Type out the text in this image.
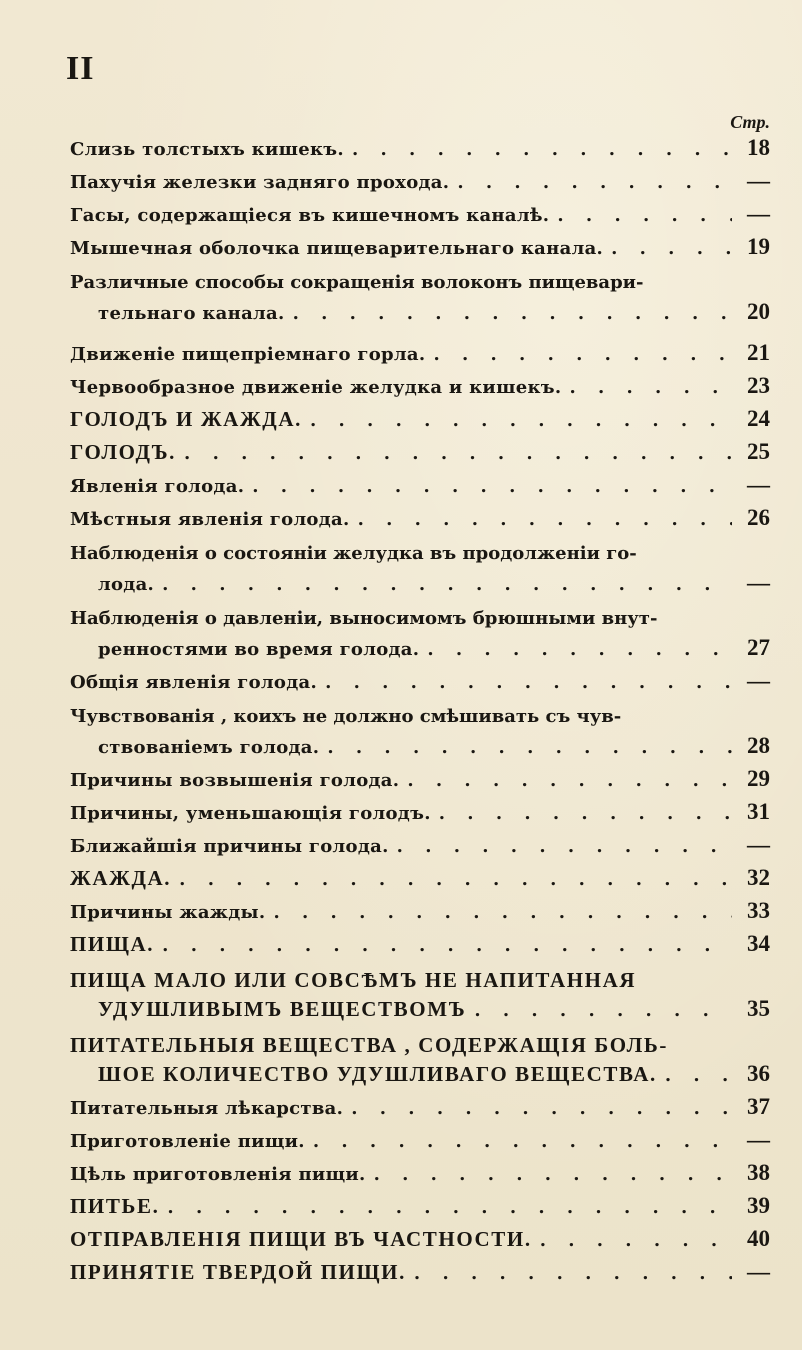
II
Стр.
Слизь толстыхъ кишекъ. . . .	18
Пахучія железки задняго прохода. . . .	—
Гасы, содержащіеся въ кишечномъ каналѣ. . . .	—
Мышечная оболочка пищеварительнаго канала. . . .	19
Различные способы сокращенія волоконъ пищевари-
тельнаго канала. . . .	20
Движеніе пищепріемнаго горла. . . .	21
Червообразное движеніе желудка и кишекъ. . . .	23
ГОЛОДЪ И ЖАЖДА. . . .	24
ГОЛОДЪ. . . .	25
Явленія голода. . . .	—
Мѣстныя явленія голода. . . .	26
Наблюденія о состояніи желудка въ продолженіи го-
лода. . . .	—
Наблюденія о давленіи, выносимомъ брюшными внут-
ренностями во время голода. . . .	27
Общія явленія голода. . . .	—
Чувствованія , коихъ не должно смѣшивать съ чув-
ствованіемъ голода. . . .	28
Причины возвышенія голода. . . .	29
Причины, уменьшающія голодъ. . . .	31
Ближайшія причины голода. . . .	—
ЖАЖДА. . . .	32
Причины жажды. . . .	33
ПИЩА. . . .	34
ПИЩА МАЛО ИЛИ СОВСѢМЪ НЕ НАПИТАННАЯ
УДУШЛИВЫМЪ ВЕЩЕСТВОМЪ . . .	35
ПИТАТЕЛЬНЫЯ ВЕЩЕСТВА , СОДЕРЖАЩІЯ БОЛЬ-
ШОЕ КОЛИЧЕСТВО УДУШЛИВАГО ВЕЩЕСТВА. . . .	36
Питательныя лѣкарства. . . .	37
Приготовленіе пищи. . . .	—
Цѣль приготовленія пищи. . . .	38
ПИТЬЕ. . . .	39
ОТПРАВЛЕНІЯ ПИЩИ ВЪ ЧАСТНОСТИ. . . .	40
ПРИНЯТІЕ ТВЕРДОЙ ПИЩИ. . . .	—
